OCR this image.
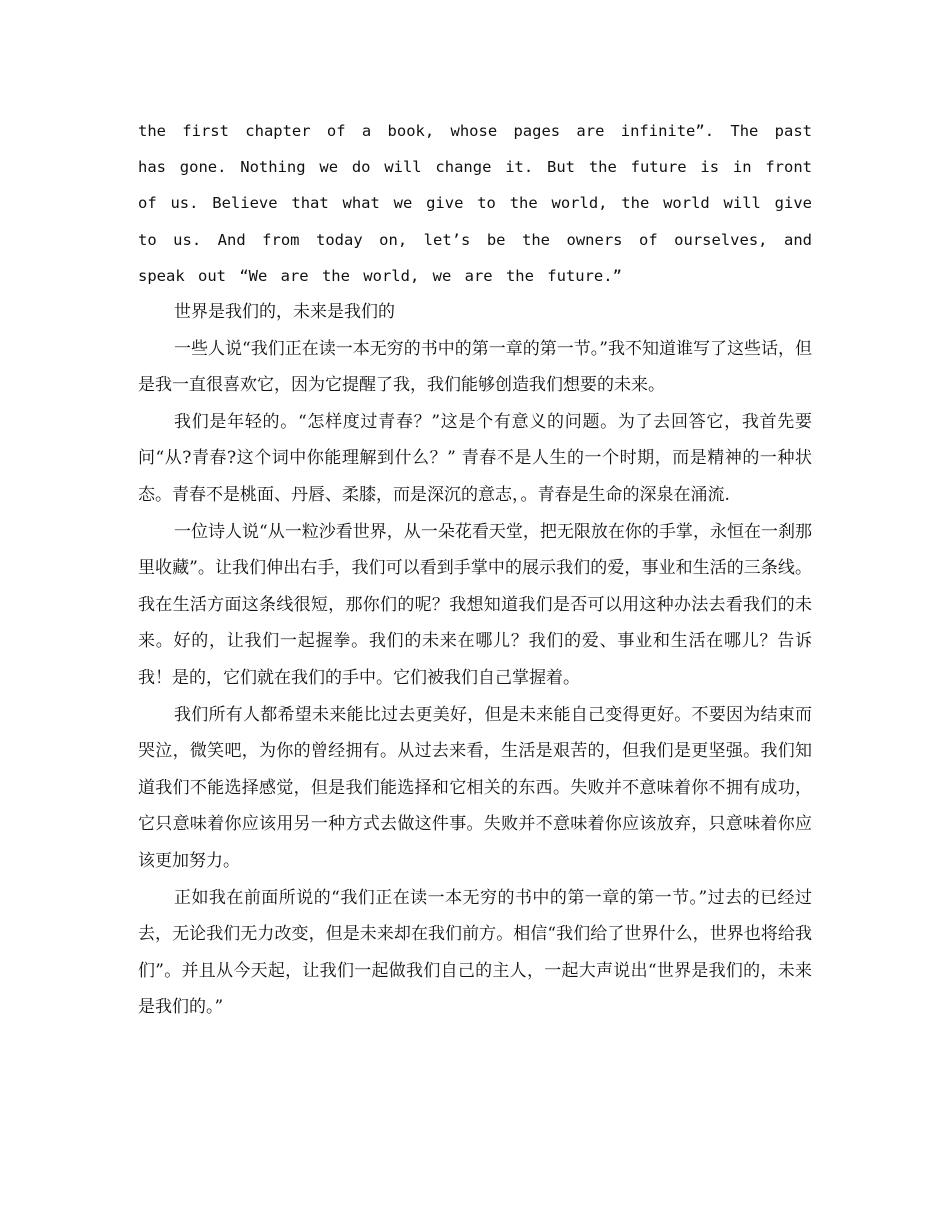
the first chapter of a book, whose pages are infinite”. The past has gone. Nothing we do will change it. But the future is in front of us. Believe that what we give to the world, the world will give to us. And from today on, let’s be the owners of ourselves, and speak out “We are the world, we are the future.”

世界是我们的，未来是我们的

一些人说“我们正在读一本无穷的书中的第一章的第一节。”我不知道谁写了这些话，但是我一直很喜欢它，因为它提醒了我，我们能够创造我们想要的未来。

我们是年轻的。“怎样度过青春？”这是个有意义的问题。为了去回答它，我首先要问“从?青春?这个词中你能理解到什么？” 青春不是人生的一个时期，而是精神的一种状态。青春不是桃面、丹唇、柔膝，而是深沉的意志，。青春是生命的深泉在涌流.

一位诗人说“从一粒沙看世界，从一朵花看天堂，把无限放在你的手掌，永恒在一刹那里收藏”。让我们伸出右手，我们可以看到手掌中的展示我们的爱，事业和生活的三条线。我在生活方面这条线很短，那你们的呢？我想知道我们是否可以用这种办法去看我们的未来。好的，让我们一起握拳。我们的未来在哪儿？我们的爱、事业和生活在哪儿？告诉我！是的，它们就在我们的手中。它们被我们自己掌握着。

我们所有人都希望未来能比过去更美好，但是未来能自己变得更好。不要因为结束而哭泣，微笑吧，为你的曾经拥有。从过去来看，生活是艰苦的，但我们是更坚强。我们知道我们不能选择感觉，但是我们能选择和它相关的东西。失败并不意味着你不拥有成功，它只意味着你应该用另一种方式去做这件事。失败并不意味着你应该放弃，只意味着你应该更加努力。

正如我在前面所说的“我们正在读一本无穷的书中的第一章的第一节。”过去的已经过去，无论我们无力改变，但是未来却在我们前方。相信“我们给了世界什么，世界也将给我们”。并且从今天起，让我们一起做我们自己的主人，一起大声说出“世界是我们的，未来是我们的。”
